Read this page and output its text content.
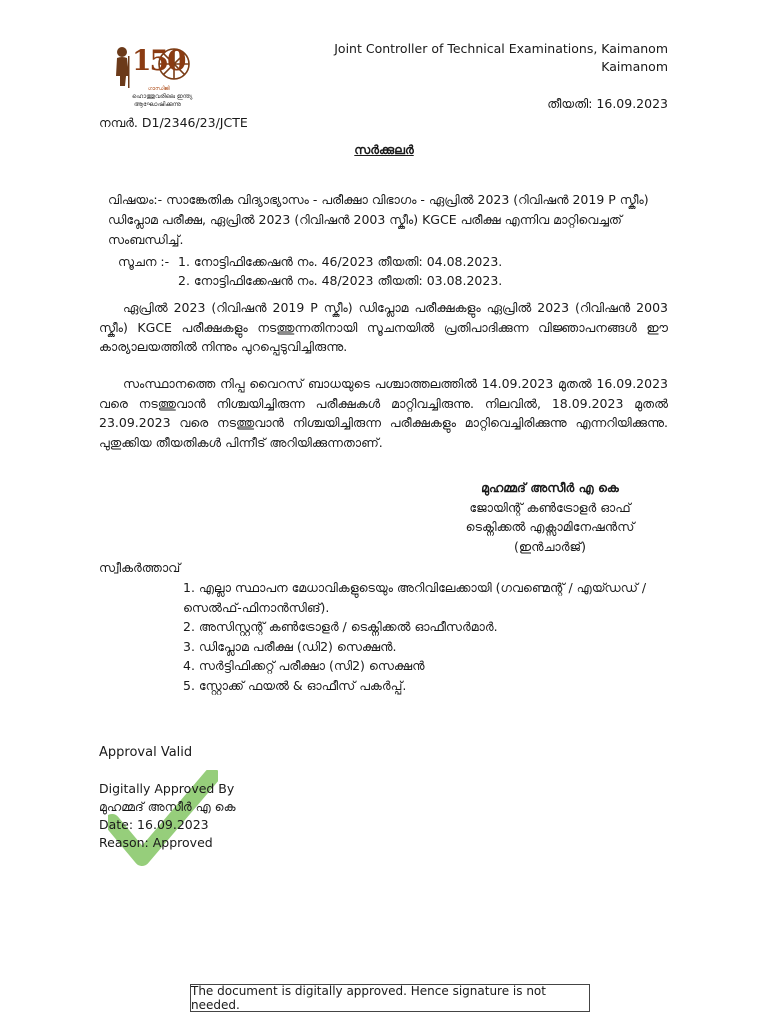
150
ഗാന്ധിജി
ഹൊത്തുവരിലെ ഇന്ത്യ
ആഘോഷിക്കുന്നു
Joint Controller of Technical Examinations, Kaimanom
Kaimanom
തീയതി: 16.09.2023
നമ്പർ. D1/2346/23/JCTE
സർക്കുലർ
വിഷയം:- സാങ്കേതിക വിദ്യാഭ്യാസം - പരീക്ഷാ വിഭാഗം - ഏപ്രിൽ 2023 (റിവിഷൻ 2019 P സ്കീം) ഡിപ്ലോമ പരീക്ഷ, ഏപ്രിൽ 2023 (റിവിഷൻ 2003 സ്കീം) KGCE പരീക്ഷ എന്നിവ മാറ്റിവെച്ചത് സംബന്ധിച്ച്.
സൂചന :- 1. നോട്ടിഫിക്കേഷൻ നം. 46/2023 തീയതി: 04.08.2023.
2. നോട്ടിഫിക്കേഷൻ നം. 48/2023 തീയതി: 03.08.2023.
ഏപ്രിൽ 2023 (റിവിഷൻ 2019 P സ്കീം) ഡിപ്ലോമ പരീക്ഷകളും ഏപ്രിൽ 2023 (റിവിഷൻ 2003 സ്കീം) KGCE പരീക്ഷകളും നടത്തുന്നതിനായി സൂചനയിൽ പ്രതിപാദിക്കുന്ന വിജ്ഞാപനങ്ങൾ ഈ കാര്യാലയത്തിൽ നിന്നും പുറപ്പെടുവിച്ചിരുന്നു.
സംസ്ഥാനത്തെ നിപ്പ വൈറസ് ബാധയുടെ പശ്ചാത്തലത്തിൽ 14.09.2023 മുതൽ 16.09.2023 വരെ നടത്തുവാൻ നിശ്ചയിച്ചിരുന്ന പരീക്ഷകൾ മാറ്റിവച്ചിരുന്നു. നിലവിൽ, 18.09.2023 മുതൽ 23.09.2023 വരെ നടത്തുവാൻ നിശ്ചയിച്ചിരുന്ന പരീക്ഷകളും മാറ്റിവെച്ചിരിക്കുന്നു എന്നറിയിക്കുന്നു. പുതുക്കിയ തീയതികൾ പിന്നീട് അറിയിക്കുന്നതാണ്.
മുഹമ്മദ് അസീർ എ കെ
ജോയിന്റ് കൺട്രോളർ ഓഫ്
ടെക്നിക്കൽ എക്സാമിനേഷൻസ്
(ഇൻചാർജ്)
സ്വീകർത്താവ്

1. എല്ലാ സ്ഥാപന മേധാവികളുടെയും അറിവിലേക്കായി (ഗവണ്മെന്റ് / എയ്ഡഡ് / സെൽഫ്-ഫിനാൻസിങ്).

2. അസിസ്റ്റന്റ് കൺട്രോളർ / ടെക്നിക്കൽ ഓഫീസർമാർ.

3. ഡിപ്ലോമ പരീക്ഷ (ഡി2) സെക്ഷൻ.

4. സർട്ടിഫിക്കറ്റ് പരീക്ഷാ (സി2) സെക്ഷൻ

5. സ്റ്റോക്ക് ഫയൽ & ഓഫീസ് പകർപ്പ്.

Approval Valid
Digitally Approved By
മുഹമ്മദ് അസീർ എ കെ
Date: 16.09.2023
Reason: Approved
The document is digitally approved. Hence signature is not needed.
